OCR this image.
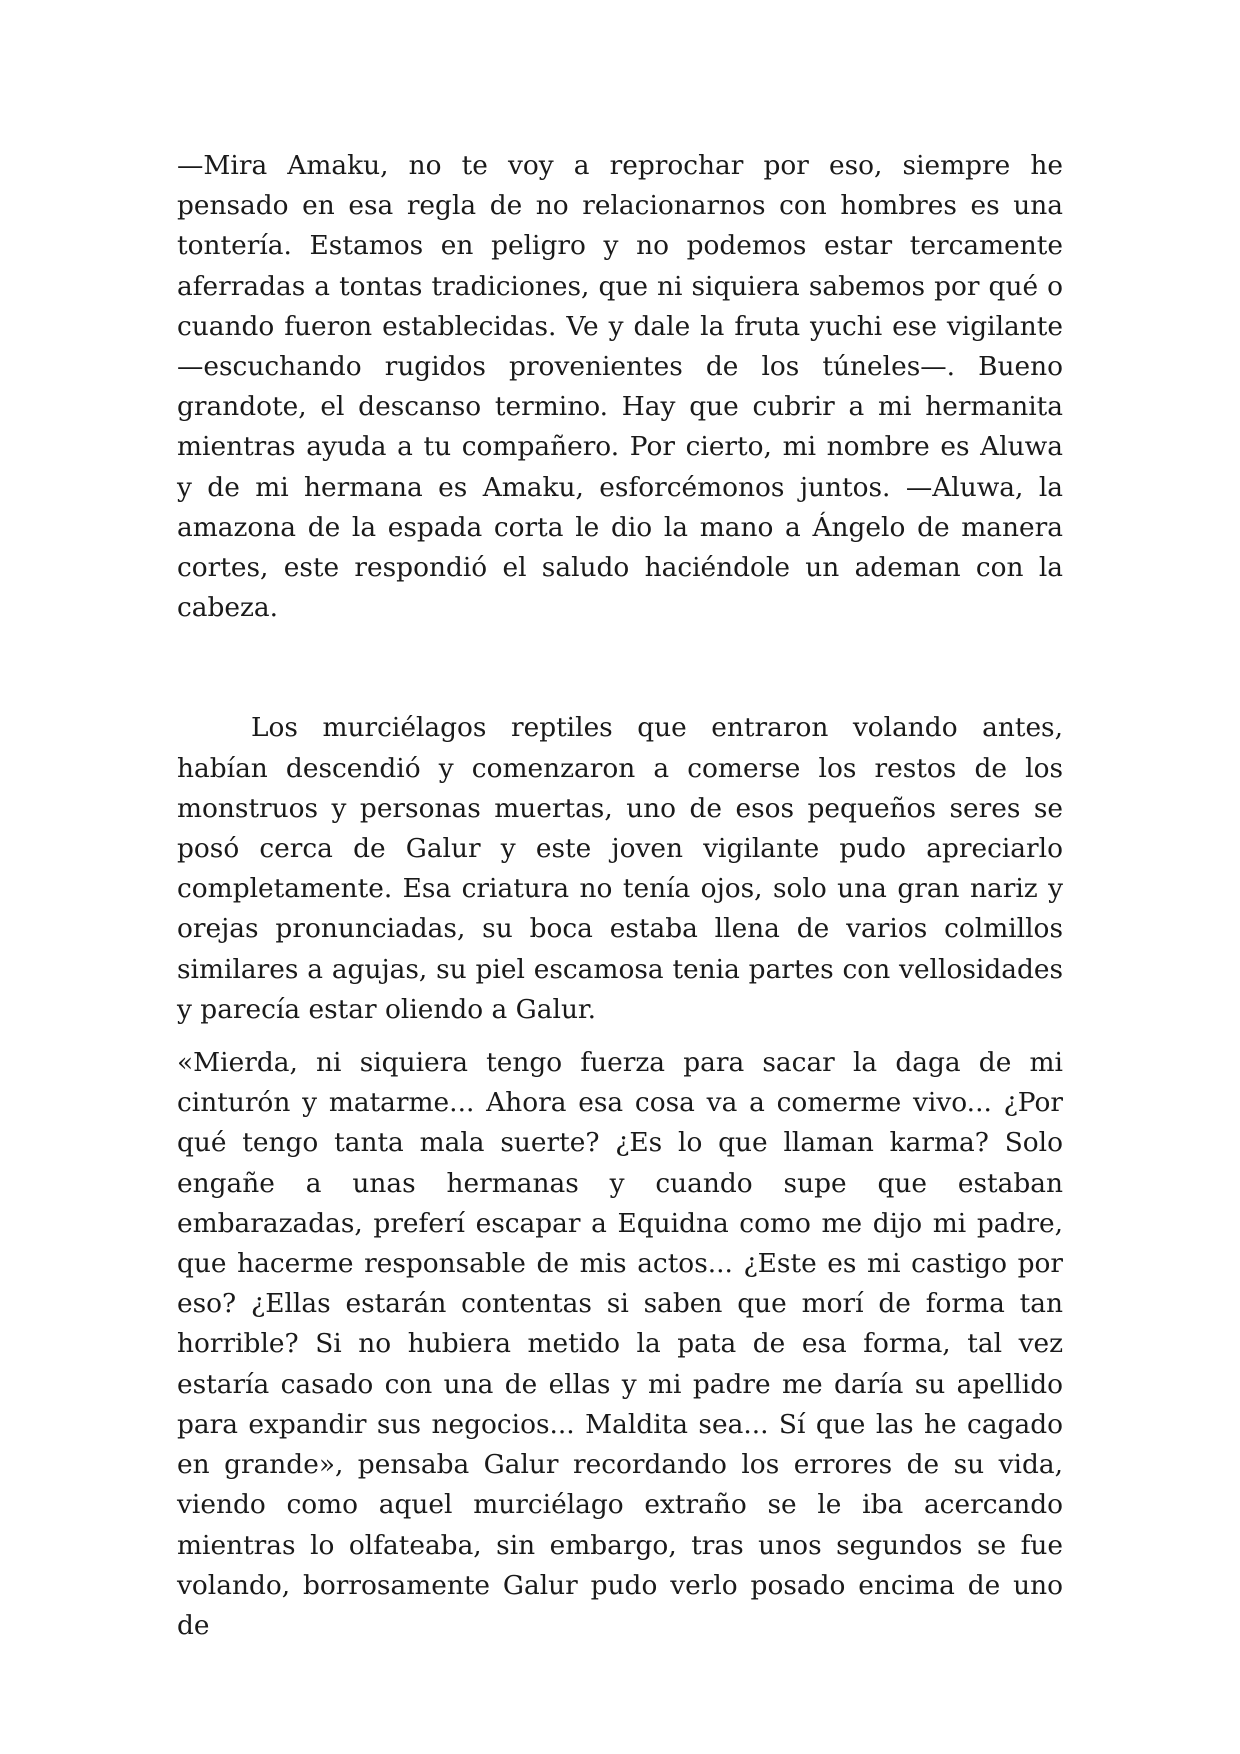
—Mira Amaku, no te voy a reprochar por eso, siempre he pensado en esa regla de no relacionarnos con hombres es una tontería. Estamos en peligro y no podemos estar tercamente aferradas a tontas tradiciones, que ni siquiera sabemos por qué o cuando fueron establecidas. Ve y dale la fruta yuchi ese vigilante —escuchando rugidos provenientes de los túneles—. Bueno grandote, el descanso termino. Hay que cubrir a mi hermanita mientras ayuda a tu compañero. Por cierto, mi nombre es Aluwa y de mi hermana es Amaku, esforcémonos juntos. —Aluwa, la amazona de la espada corta le dio la mano a Ángelo de manera cortes, este respondió el saludo haciéndole un ademan con la cabeza.

Los murciélagos reptiles que entraron volando antes, habían descendió y comenzaron a comerse los restos de los monstruos y personas muertas, uno de esos pequeños seres se posó cerca de Galur y este joven vigilante pudo apreciarlo completamente. Esa criatura no tenía ojos, solo una gran nariz y orejas pronunciadas, su boca estaba llena de varios colmillos similares a agujas, su piel escamosa tenia partes con vellosidades y parecía estar oliendo a Galur.

«Mierda, ni siquiera tengo fuerza para sacar la daga de mi cinturón y matarme... Ahora esa cosa va a comerme vivo... ¿Por qué tengo tanta mala suerte? ¿Es lo que llaman karma? Solo engañe a unas hermanas y cuando supe que estaban embarazadas, preferí escapar a Equidna como me dijo mi padre, que hacerme responsable de mis actos... ¿Este es mi castigo por eso? ¿Ellas estarán contentas si saben que morí de forma tan horrible? Si no hubiera metido la pata de esa forma, tal vez estaría casado con una de ellas y mi padre me daría su apellido para expandir sus negocios... Maldita sea... Sí que las he cagado en grande», pensaba Galur recordando los errores de su vida, viendo como aquel murciélago extraño se le iba acercando mientras lo olfateaba, sin embargo, tras unos segundos se fue volando, borrosamente Galur pudo verlo posado encima de uno de
